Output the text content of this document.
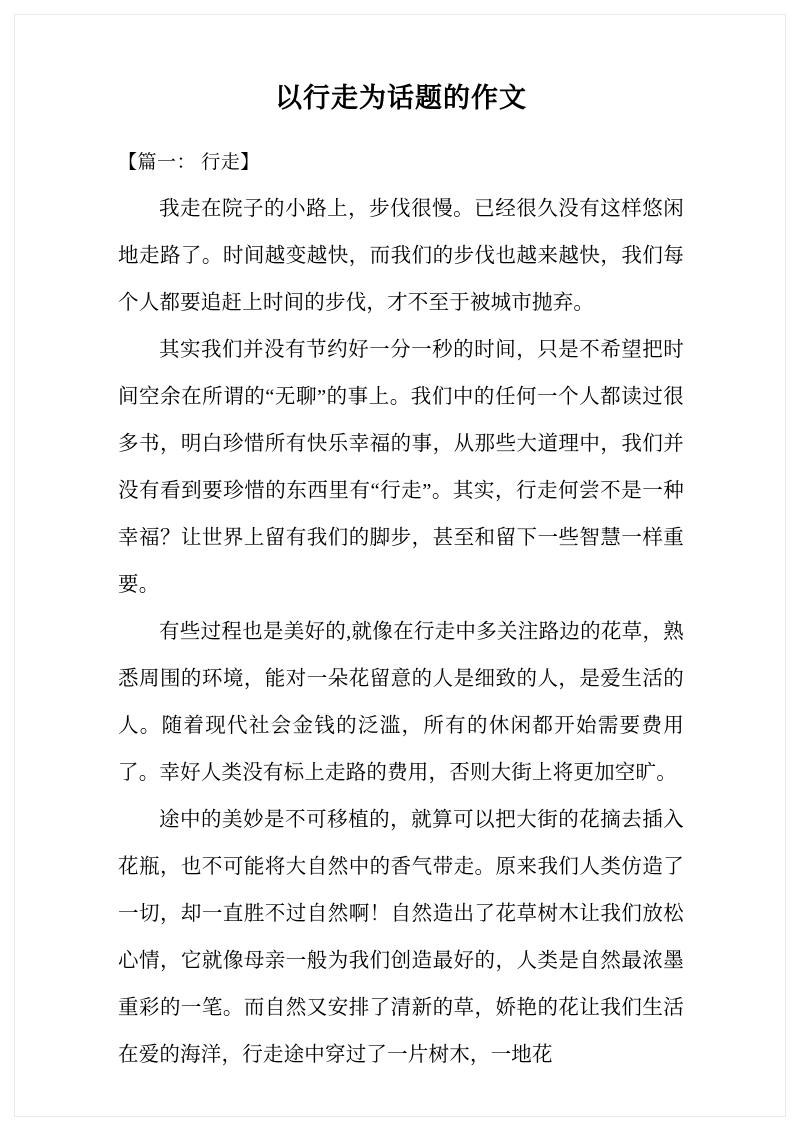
以行走为话题的作文
【篇一： 行走】

我走在院子的小路上，步伐很慢。已经很久没有这样悠闲地走路了。时间越变越快，而我们的步伐也越来越快，我们每个人都要追赶上时间的步伐，才不至于被城市抛弃。

其实我们并没有节约好一分一秒的时间，只是不希望把时间空余在所谓的“无聊”的事上。我们中的任何一个人都读过很多书，明白珍惜所有快乐幸福的事，从那些大道理中，我们并没有看到要珍惜的东西里有“行走”。其实，行走何尝不是一种幸福？让世界上留有我们的脚步，甚至和留下一些智慧一样重要。

有些过程也是美好的,就像在行走中多关注路边的花草，熟悉周围的环境，能对一朵花留意的人是细致的人，是爱生活的人。随着现代社会金钱的泛滥，所有的休闲都开始需要费用了。幸好人类没有标上走路的费用，否则大街上将更加空旷。

途中的美妙是不可移植的，就算可以把大街的花摘去插入花瓶，也不可能将大自然中的香气带走。原来我们人类仿造了一切，却一直胜不过自然啊！自然造出了花草树木让我们放松心情，它就像母亲一般为我们创造最好的，人类是自然最浓墨重彩的一笔。而自然又安排了清新的草，娇艳的花让我们生活在爱的海洋，行走途中穿过了一片树木，一地花
